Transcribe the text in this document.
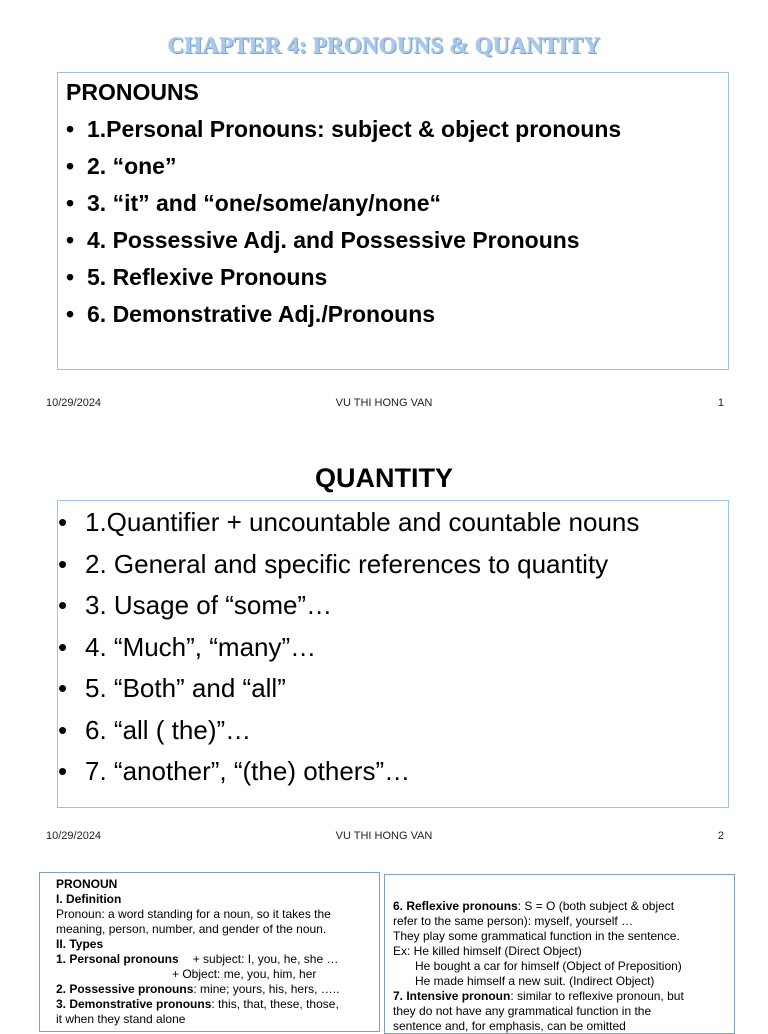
CHAPTER 4: PRONOUNS & QUANTITY
PRONOUNS
• 1.Personal Pronouns: subject & object pronouns
• 2. “one”
• 3. “it” and “one/some/any/none“
• 4. Possessive Adj. and Possessive Pronouns
• 5. Reflexive Pronouns
• 6. Demonstrative Adj./Pronouns
10/29/2024	VU THI HONG VAN	1
QUANTITY
• 1.Quantifier + uncountable and countable nouns
• 2. General and specific references to quantity
• 3. Usage of “some”…
• 4. “Much”, “many”…
• 5. “Both” and “all”
• 6. “all ( the)”…
• 7. “another”, “(the) others”…
10/29/2024	VU THI HONG VAN	2
PRONOUN
I. Definition
Pronoun: a word standing for a noun, so it takes the
meaning, person, number, and gender of the noun.
II. Types
1. Personal pronouns + subject: I, you, he, she …
+ Object: me, you, him, her
2. Possessive pronouns: mine; yours, his, hers, …..
3. Demonstrative pronouns: this, that, these, those,
it when they stand alone
6. Reflexive pronouns: S = O (both subject & object
refer to the same person): myself, yourself …
They play some grammatical function in the sentence.
Ex: He killed himself (Direct Object)
He bought a car for himself (Object of Preposition)
He made himself a new suit. (Indirect Object)
7. Intensive pronoun: similar to reflexive pronoun, but
they do not have any grammatical function in the
sentence and, for emphasis, can be omitted
